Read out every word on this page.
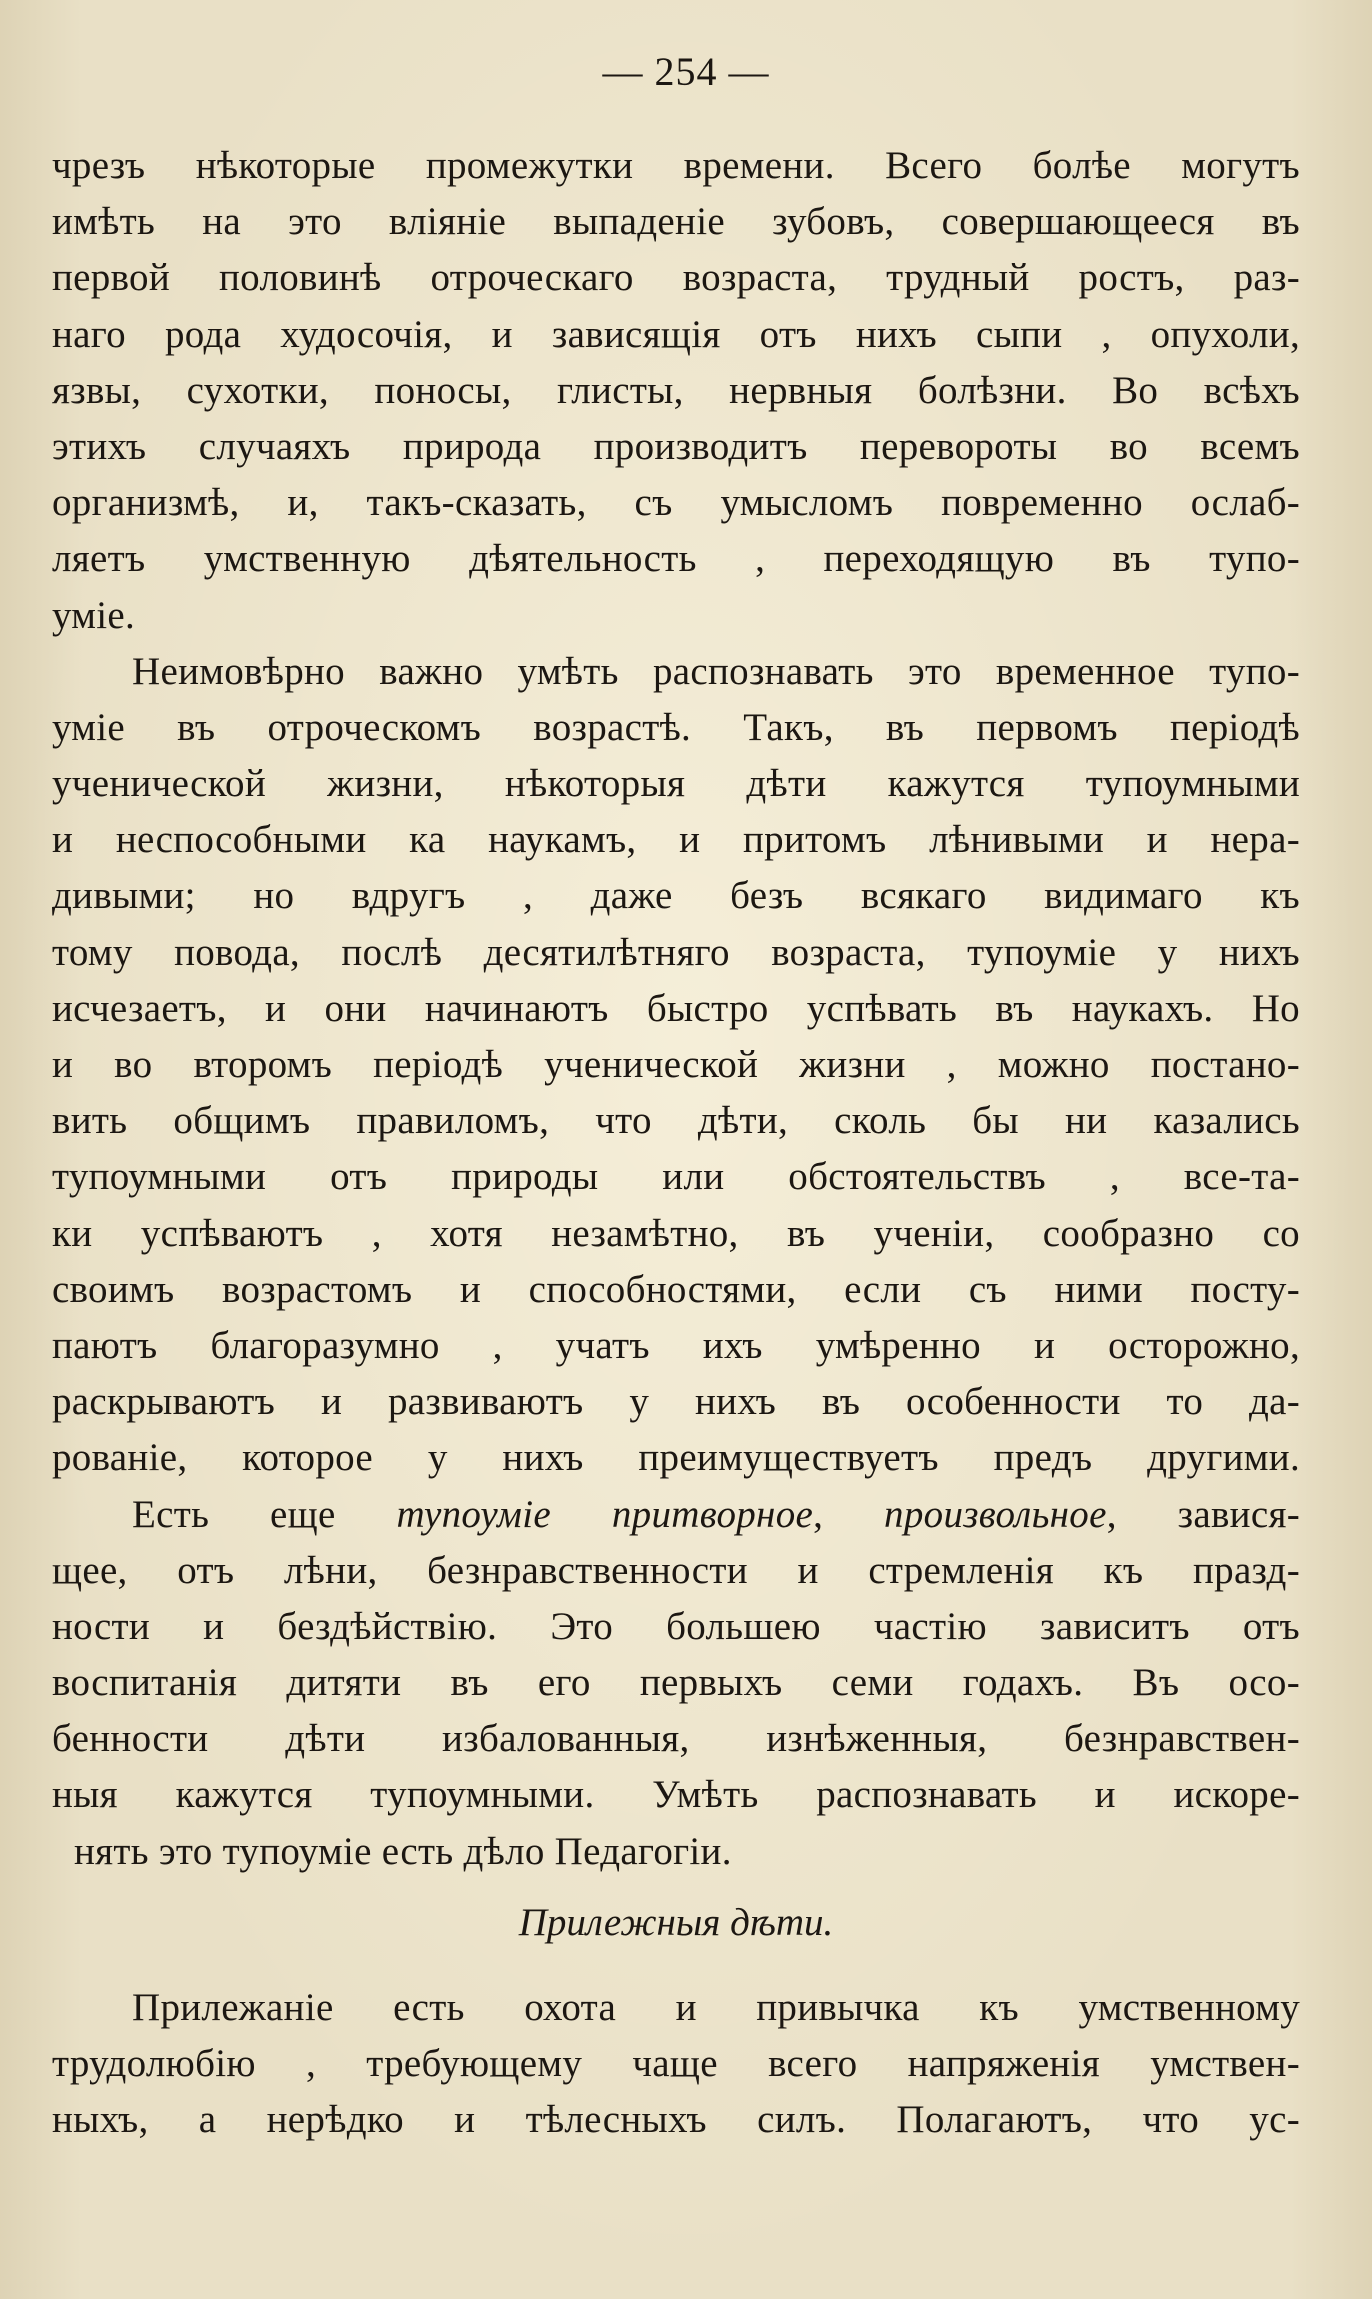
— 254 —
чрезъ нѣкоторые промежутки времени. Всего болѣе могутъ
имѣть на это вліяніе выпаденіе зубовъ, совершающееся въ
первой половинѣ отроческаго возраста, трудный ростъ, раз-
наго рода худосочія, и зависящія отъ нихъ сыпи , опухоли,
язвы, сухотки, поносы, глисты, нервныя болѣзни. Во всѣхъ
этихъ случаяхъ природа производитъ перевороты во всемъ
организмѣ, и, такъ-сказать, съ умысломъ повременно ослаб-
ляетъ умственную дѣятельность , переходящую въ тупо-
уміе.
Неимовѣрно важно умѣть распознавать это временное тупо-
уміе въ отроческомъ возрастѣ. Такъ, въ первомъ періодѣ
ученической жизни, нѣкоторыя дѣти кажутся тупоумными
и неспособными ка наукамъ, и притомъ лѣнивыми и нера-
дивыми; но вдругъ , даже безъ всякаго видимаго къ
тому повода, послѣ десятилѣтняго возраста, тупоуміе у нихъ
исчезаетъ, и они начинаютъ быстро успѣвать въ наукахъ. Но
и во второмъ періодѣ ученической жизни , можно постано-
вить общимъ правиломъ, что дѣти, сколь бы ни казались
тупоумными отъ природы или обстоятельствъ , все-та-
ки успѣваютъ , хотя незамѣтно, въ ученіи, сообразно со
своимъ возрастомъ и способностями, если съ ними посту-
паютъ благоразумно , учатъ ихъ умѣренно и осторожно,
раскрываютъ и развиваютъ у нихъ въ особенности то да-
рованіе, которое у нихъ преимуществуетъ предъ другими.
Есть еще тупоуміе притворное, произвольное, завися-
щее, отъ лѣни, безнравственности и стремленія къ празд-
ности и бездѣйствію. Это большею частію зависитъ отъ
воспитанія дитяти въ его первыхъ семи годахъ. Въ осо-
бенности дѣти избалованныя, изнѣженныя, безнравствен-
ныя кажутся тупоумными. Умѣть распознавать и искоре-
нять это тупоуміе есть дѣло Педагогіи.
Прилежныя дѣти.
Прилежаніе есть охота и привычка къ умственному
трудолюбію , требующему чаще всего напряженія умствен-
ныхъ, а нерѣдко и тѣлесныхъ силъ. Полагаютъ, что ус-
